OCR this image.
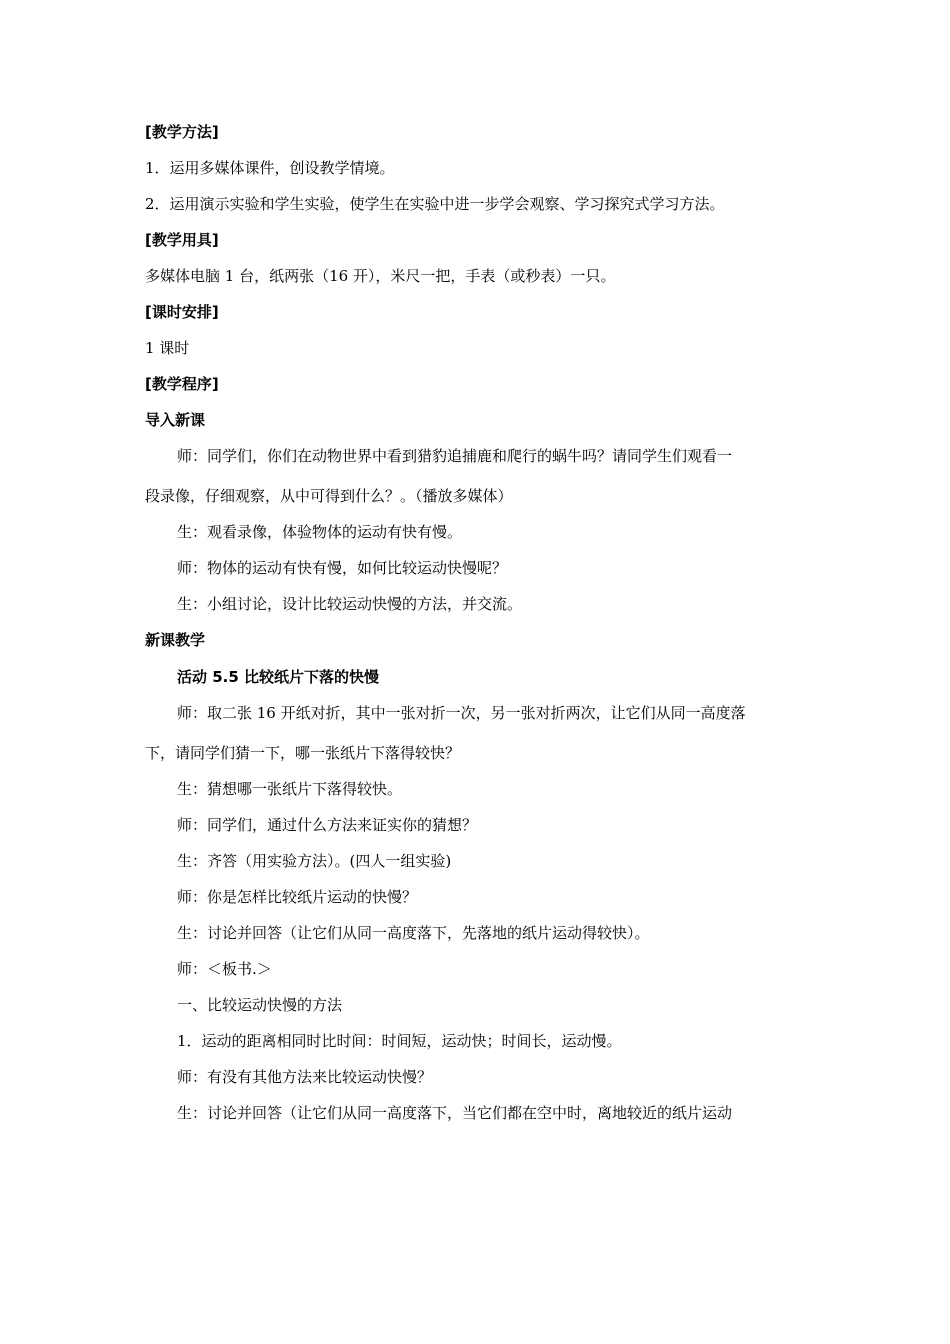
[教学方法]
1．运用多媒体课件，创设教学情境。
2．运用演示实验和学生实验，使学生在实验中进一步学会观察、学习探究式学习方法。
[教学用具]
多媒体电脑 1 台，纸两张（16 开），米尺一把，手表（或秒表）一只。
[课时安排]
1 课时
[教学程序]
导入新课
师：同学们，你们在动物世界中看到猎豹追捕鹿和爬行的蜗牛吗？请同学生们观看一
段录像，仔细观察，从中可得到什么？。（播放多媒体）
生：观看录像，体验物体的运动有快有慢。
师：物体的运动有快有慢，如何比较运动快慢呢？
生：小组讨论，设计比较运动快慢的方法，并交流。
新课教学
活动 5.5 比较纸片下落的快慢
师：取二张 16 开纸对折，其中一张对折一次，另一张对折两次，让它们从同一高度落
下，请同学们猜一下，哪一张纸片下落得较快？
生：猜想哪一张纸片下落得较快。
师：同学们，通过什么方法来证实你的猜想？
生：齐答（用实验方法）。(四人一组实验)
师：你是怎样比较纸片运动的快慢？
生：讨论并回答（让它们从同一高度落下，先落地的纸片运动得较快）。
师：＜板书.＞
一、比较运动快慢的方法
1．运动的距离相同时比时间：时间短，运动快；时间长，运动慢。
师：有没有其他方法来比较运动快慢？
生：讨论并回答（让它们从同一高度落下，当它们都在空中时，离地较近的纸片运动
